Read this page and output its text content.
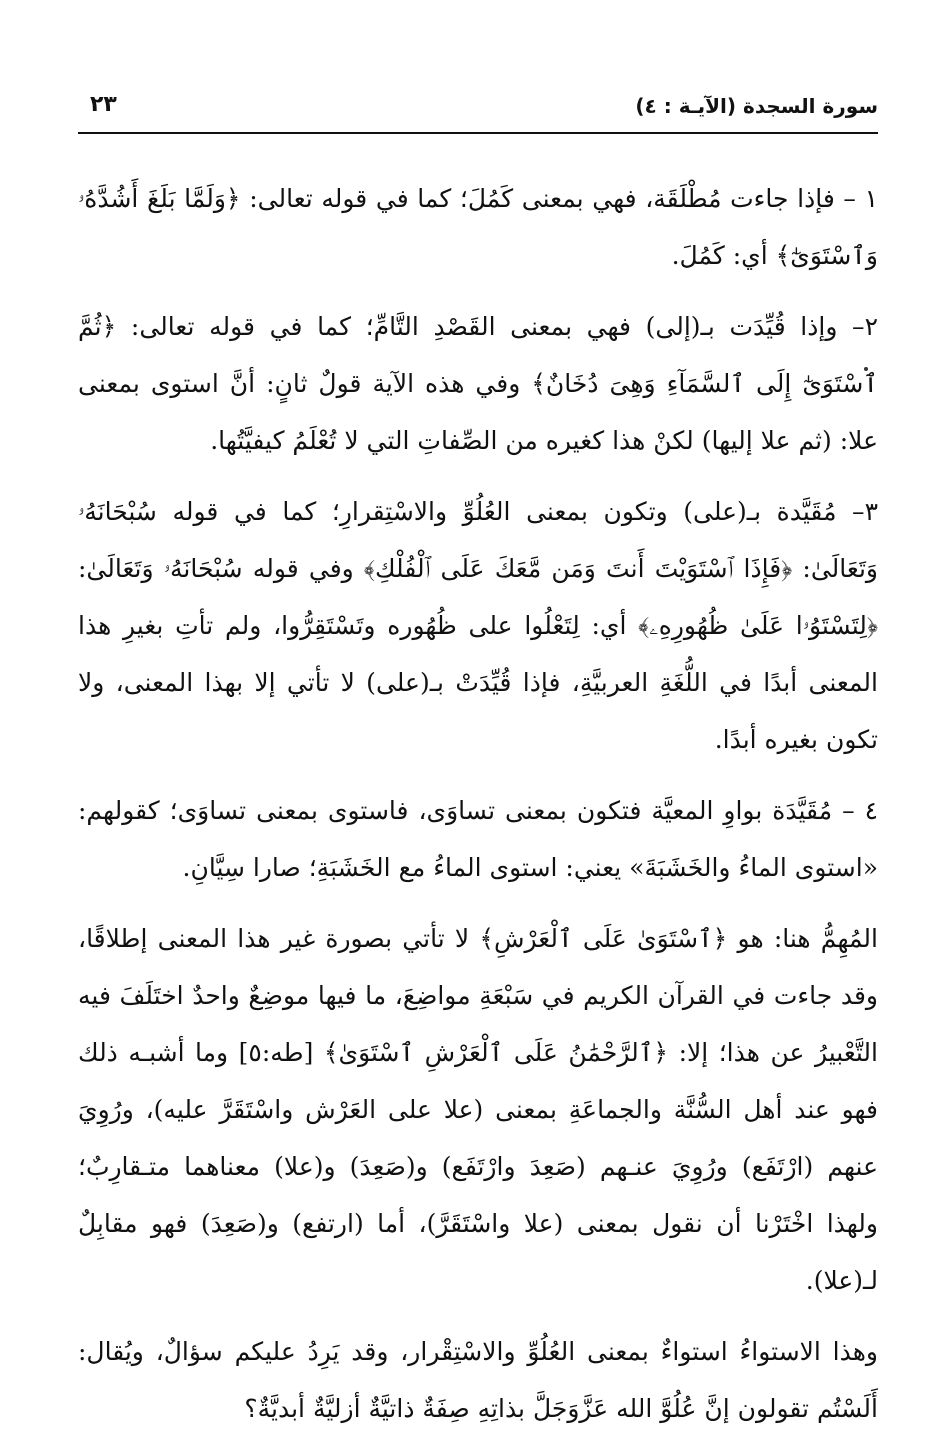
سورة السجدة (الآيـة : ٤)
٢٣

١ – فإذا جاءت مُطْلَقَة، فهي بمعنى كَمُلَ؛ كما في قوله تعالى: ﴿وَلَمَّا بَلَغَ أَشُدَّهُۥ وَٱسْتَوَىٰٓ﴾ أي: كَمُلَ.

٢– وإذا قُيِّدَت بـ(إلى) فهي بمعنى القَصْدِ التَّامِّ؛ كما في قوله تعالى: ﴿ثُمَّ ٱسْتَوَىٰٓ إِلَى ٱلسَّمَآءِ وَهِىَ دُخَانٌ﴾ وفي هذه الآية قولٌ ثانٍ: أنَّ استوى بمعنى علا: (ثم علا إليها) لكنْ هذا كغيره من الصِّفاتِ التي لا تُعْلَمُ كيفيَّتُها.

٣– مُقَيَّدة بـ(على) وتكون بمعنى العُلُوِّ والاسْتِقرارِ؛ كما في قوله سُبْحَانَهُۥ وَتَعَالَىٰ: ﴿فَإِذَا ٱسْتَوَيْتَ أَنتَ وَمَن مَّعَكَ عَلَى ٱلْفُلْكِ﴾ وفي قوله سُبْحَانَهُۥ وَتَعَالَىٰ: ﴿لِتَسْتَوُۥا عَلَىٰ ظُهُورِهِۦ﴾ أي: لِتَعْلُوا على ظُهُوره وتَسْتَقِرُّوا، ولم تأتِ بغيرِ هذا المعنى أبدًا في اللُّغَةِ العربيَّةِ، فإذا قُيِّدَتْ بـ(على) لا تأتي إلا بهذا المعنى، ولا تكون بغيره أبدًا.

٤ – مُقَيَّدَة بواوِ المعيَّة فتكون بمعنى تساوَى، فاستوى بمعنى تساوَى؛ كقولهم: «استوى الماءُ والخَشَبَةَ» يعني: استوى الماءُ مع الخَشَبَةِ؛ صارا سِيَّانِ.

المُهِمُّ هنا: هو ﴿ٱسْتَوَىٰ عَلَى ٱلْعَرْشِ﴾ لا تأتي بصورة غير هذا المعنى إطلاقًا، وقد جاءت في القرآن الكريم في سَبْعَةِ مواضِعَ، ما فيها موضِعٌ واحدٌ اختَلَفَ فيه التَّعْبيرُ عن هذا؛ إلا: ﴿ٱلرَّحْمَٰنُ عَلَى ٱلْعَرْشِ ٱسْتَوَىٰ﴾ [طه:٥] وما أشبـه ذلك فهو عند أهل السُّنَّة والجماعَةِ بمعنى (علا على العَرْش واسْتَقَرَّ عليه)، ورُوِيَ عنهم (ارْتَفَع) ورُوِيَ عنـهم (صَعِدَ وارْتَفَع) و(صَعِدَ) و(علا) معناهما متـقارِبٌ؛ ولهذا اخْتَرْنا أن نقول بمعنى (علا واسْتَقَرَّ)، أما (ارتفع) و(صَعِدَ) فهو مقابِلٌ لـ(علا).

وهذا الاستواءُ استواءٌ بمعنى العُلُوِّ والاسْتِقْرار، وقد يَرِدُ عليكم سؤالٌ، ويُقال: أَلَسْتُم تقولون إنَّ عُلُوَّ الله عَزَّوَجَلَّ بذاتِهِ صِفَةٌ ذاتيَّةٌ أزليَّةٌ أبديَّةٌ؟
